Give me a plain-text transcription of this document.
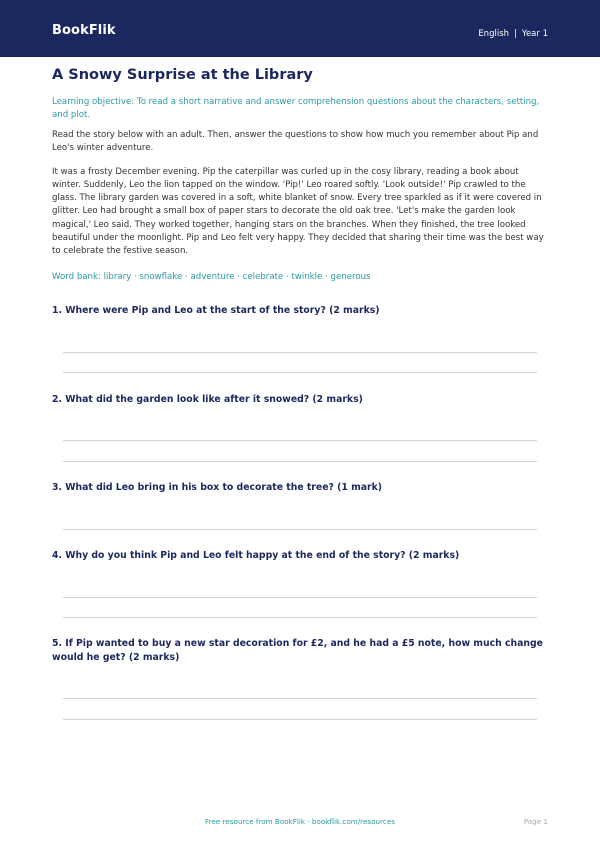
BookFlik	English | Year 1
A Snowy Surprise at the Library
Learning objective: To read a short narrative and answer comprehension questions about the characters, setting, and plot.
Read the story below with an adult. Then, answer the questions to show how much you remember about Pip and Leo's winter adventure.
It was a frosty December evening. Pip the caterpillar was curled up in the cosy library, reading a book about winter. Suddenly, Leo the lion tapped on the window. 'Pip!' Leo roared softly. 'Look outside!' Pip crawled to the glass. The library garden was covered in a soft, white blanket of snow. Every tree sparkled as if it were covered in glitter. Leo had brought a small box of paper stars to decorate the old oak tree. 'Let's make the garden look magical,' Leo said. They worked together, hanging stars on the branches. When they finished, the tree looked beautiful under the moonlight. Pip and Leo felt very happy. They decided that sharing their time was the best way to celebrate the festive season.
Word bank: library · snowflake · adventure · celebrate · twinkle · generous
1. Where were Pip and Leo at the start of the story? (2 marks)
2. What did the garden look like after it snowed? (2 marks)
3. What did Leo bring in his box to decorate the tree? (1 mark)
4. Why do you think Pip and Leo felt happy at the end of the story? (2 marks)
5. If Pip wanted to buy a new star decoration for £2, and he had a £5 note, how much change would he get? (2 marks)
Free resource from BookFlik · bookflik.com/resources	Page 1
